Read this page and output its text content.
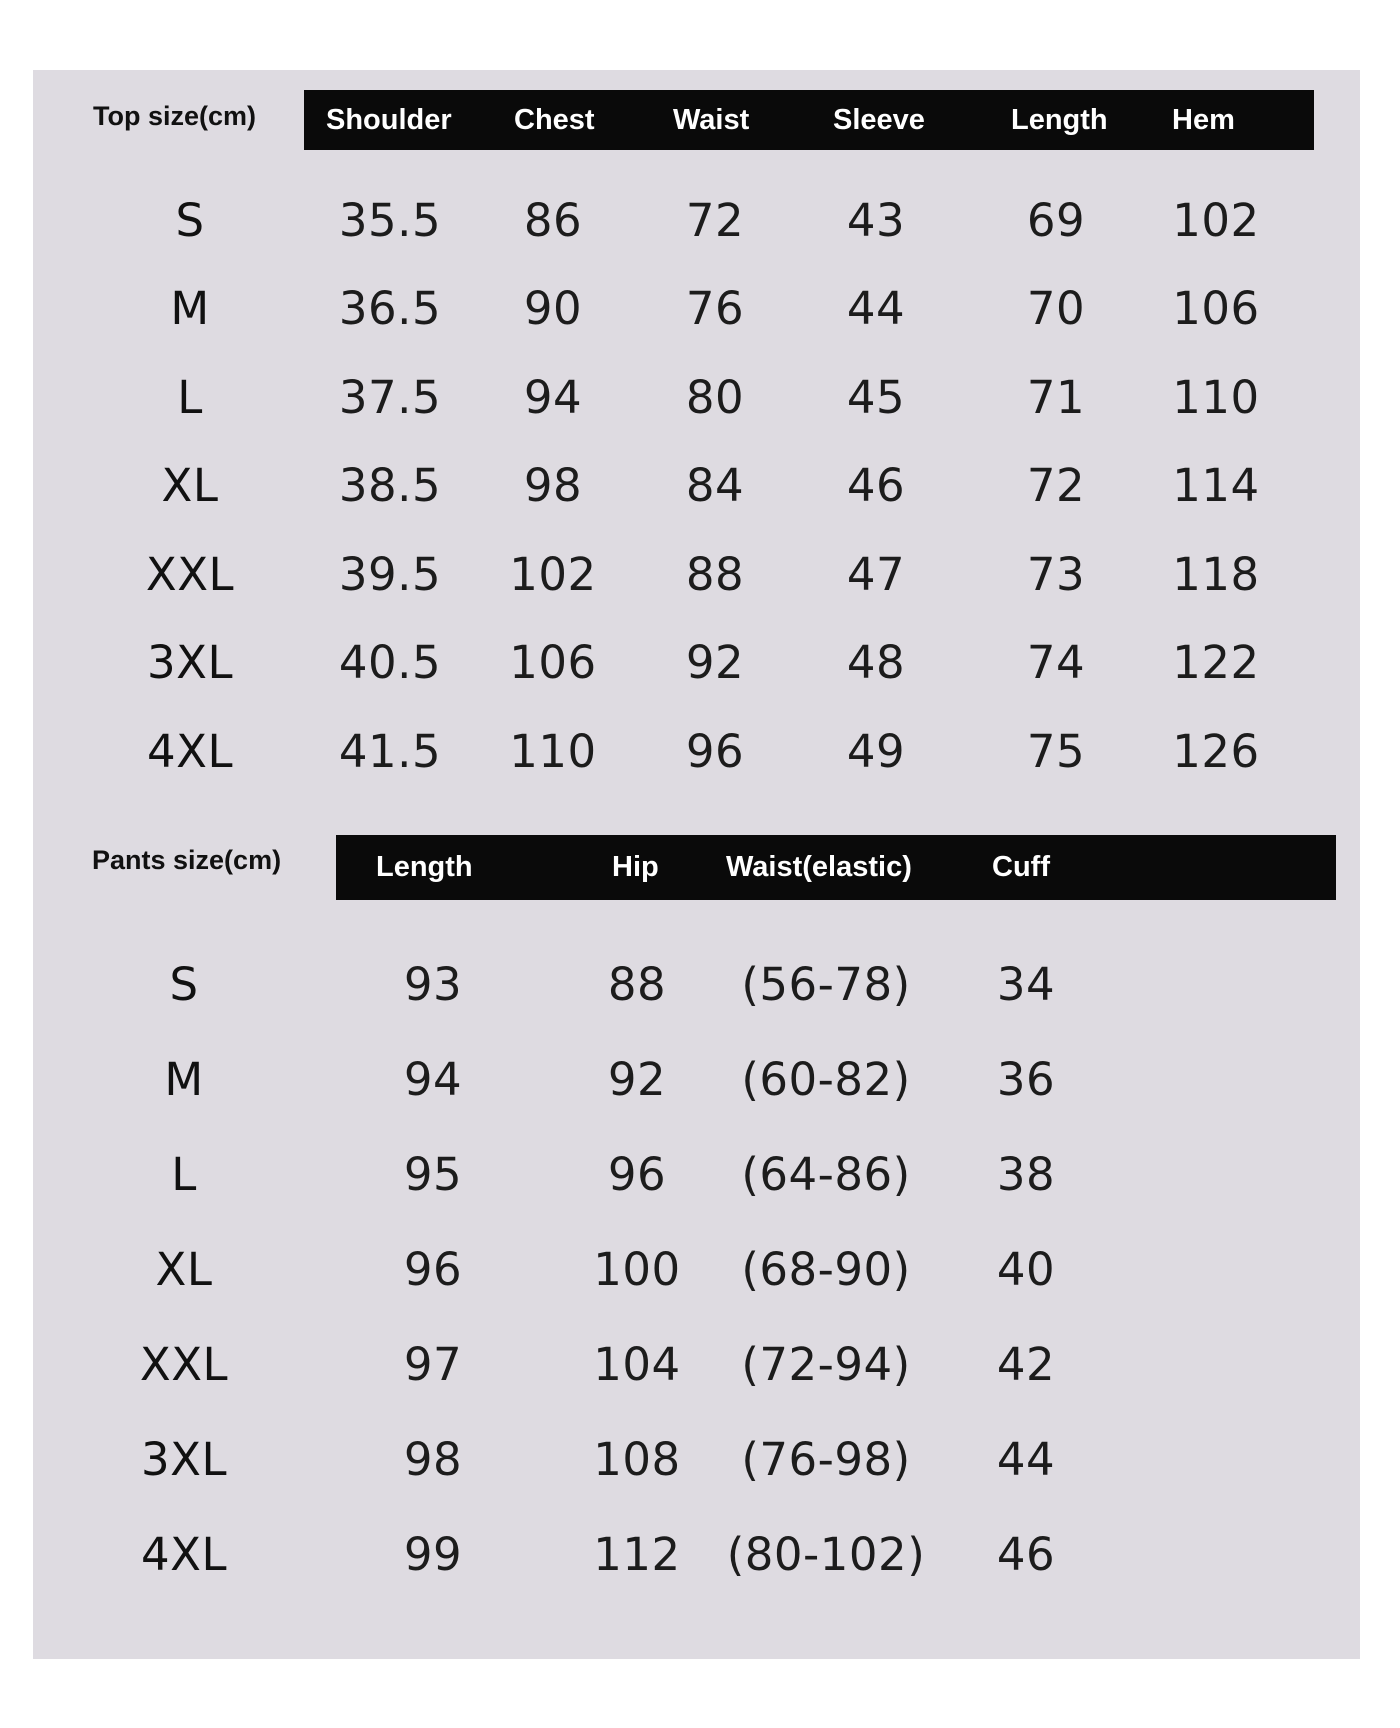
Top size(cm) Shoulder Chest	Waist	Sleeve	Length Hem
S	35.5 86 72 43	69 102
M	36.5 90 76 44	70 106
L	37.5 94 80 45	71 110
XL	38.5 98 84 46	72 114
XXL 39.5 102 88 47	73 118
3XL 40.5 106 92 48	74 122
4XL 41.5 110 96 49	75 126
Pants size(cm)	Length	Hip Waist(elastic)	Cuff
S	93	88 (56-78) 34
M	94	92 (60-82) 36
L	95	96 (64-86) 38
XL	96	100 (68-90) 40
XXL	97	104 (72-94) 42
3XL	98	108 (76-98) 44
4XL	99	112 (80-102) 46
